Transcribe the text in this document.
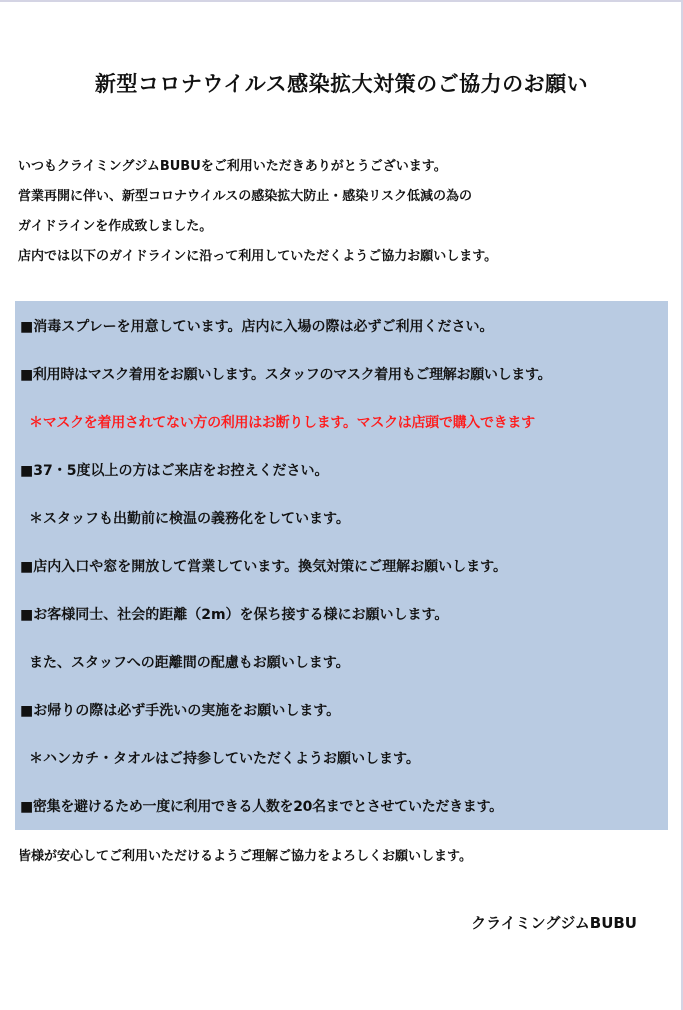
新型コロナウイルス感染拡大対策のご協力のお願い
いつもクライミングジムBUBUをご利用いただきありがとうございます。
営業再開に伴い、新型コロナウイルスの感染拡大防止・感染リスク低減の為の
ガイドラインを作成致しました。
店内では以下のガイドラインに沿って利用していただくようご協力お願いします。
■消毒スプレーを用意しています。店内に入場の際は必ずご利用ください。
■利用時はマスク着用をお願いします。スタッフのマスク着用もご理解お願いします。
＊マスクを着用されてない方の利用はお断りします。マスクは店頭で購入できます
■37・5度以上の方はご来店をお控えください。
＊スタッフも出勤前に検温の義務化をしています。
■店内入口や窓を開放して営業しています。換気対策にご理解お願いします。
■お客様同士、社会的距離（2m）を保ち接する様にお願いします。
また、スタッフへの距離間の配慮もお願いします。
■お帰りの際は必ず手洗いの実施をお願いします。
＊ハンカチ・タオルはご持参していただくようお願いします。
■密集を避けるため一度に利用できる人数を20名までとさせていただきます。
皆様が安心してご利用いただけるようご理解ご協力をよろしくお願いします。
クライミングジムBUBU
